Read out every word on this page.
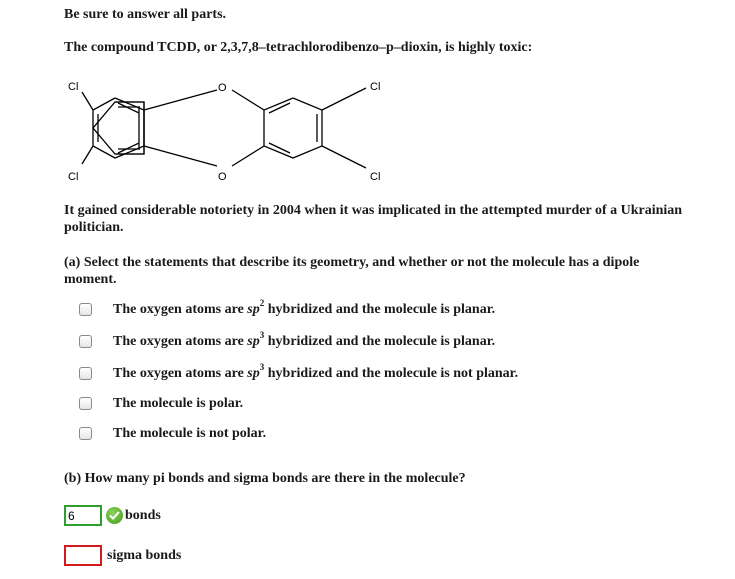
Be sure to answer all parts.
The compound TCDD, or 2,3,7,8–tetrachlorodibenzo–p–dioxin, is highly toxic:
Cl
Cl
O
O
Cl
Cl
It gained considerable notoriety in 2004 when it was implicated in the attempted murder of a Ukrainian politician.
(a) Select the statements that describe its geometry, and whether or not the molecule has a dipole moment.
The oxygen atoms are $sp^2$ hybridized and the molecule is planar.
The oxygen atoms are $sp^3$ hybridized and the molecule is planar.
The oxygen atoms are $sp^3$ hybridized and the molecule is not planar.
The molecule is polar.
The molecule is not polar.
(b) How many pi bonds and sigma bonds are there in the molecule?
6
bonds
sigma bonds
